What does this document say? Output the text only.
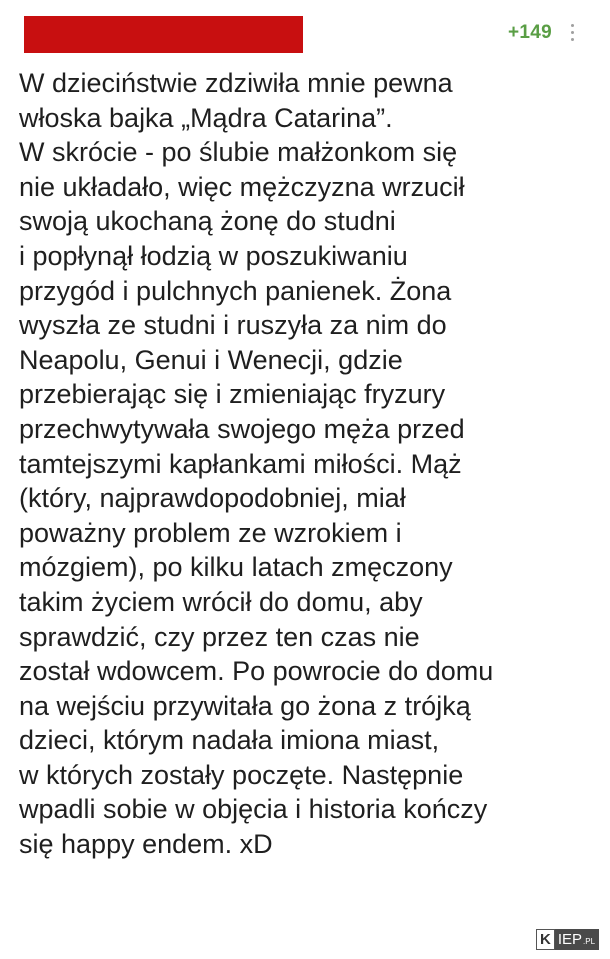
+149
W dzieciństwie zdziwiła mnie pewna
włoska bajka „Mądra Catarina”.
W skrócie - po ślubie małżonkom się
nie układało, więc mężczyzna wrzucił
swoją ukochaną żonę do studni
i popłynął łodzią w poszukiwaniu
przygód i pulchnych panienek. Żona
wyszła ze studni i ruszyła za nim do
Neapolu, Genui i Wenecji, gdzie
przebierając się i zmieniając fryzury
przechwytywała swojego męża przed
tamtejszymi kapłankami miłości. Mąż
(który, najprawdopodobniej, miał
poważny problem ze wzrokiem i
mózgiem), po kilku latach zmęczony
takim życiem wrócił do domu, aby
sprawdzić, czy przez ten czas nie
został wdowcem. Po powrocie do domu
na wejściu przywitała go żona z trójką
dzieci, którym nadała imiona miast,
w których zostały poczęte. Następnie
wpadli sobie w objęcia i historia kończy
się happy endem. xD
K IEP .PL
